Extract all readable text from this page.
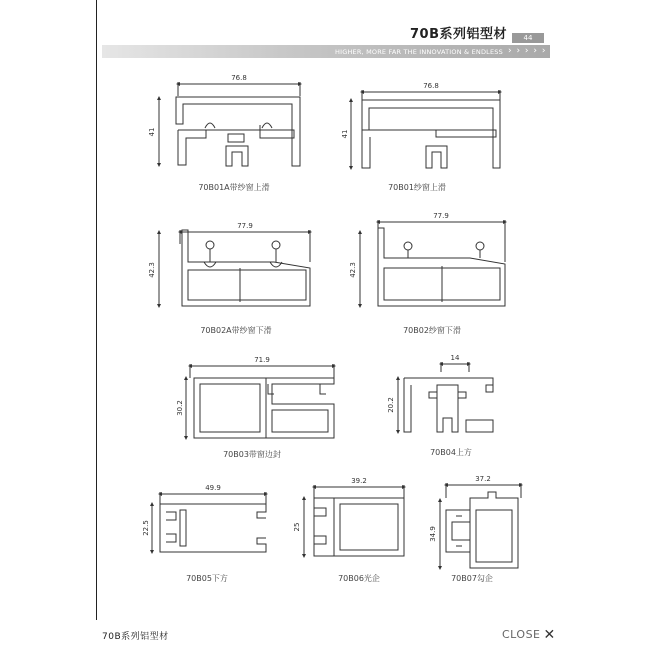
70B系列铝型材	44
HIGHER, MORE FAR THE INNOVATION & ENDLESS › › › › ›
76.8
41
70B01A带纱窗上滑
76.8
41
70B01纱窗上滑
77.9
42.3
70B02A带纱窗下滑
77.9
42.3
70B02纱窗下滑
71.9
30.2
70B03带窗边封
14
20.2
70B04上方
49.9
22.5
70B05下方
39.2
25
70B06光企
37.2
34.9
70B07勾企
70B系列铝型材	CLOSE ✕
